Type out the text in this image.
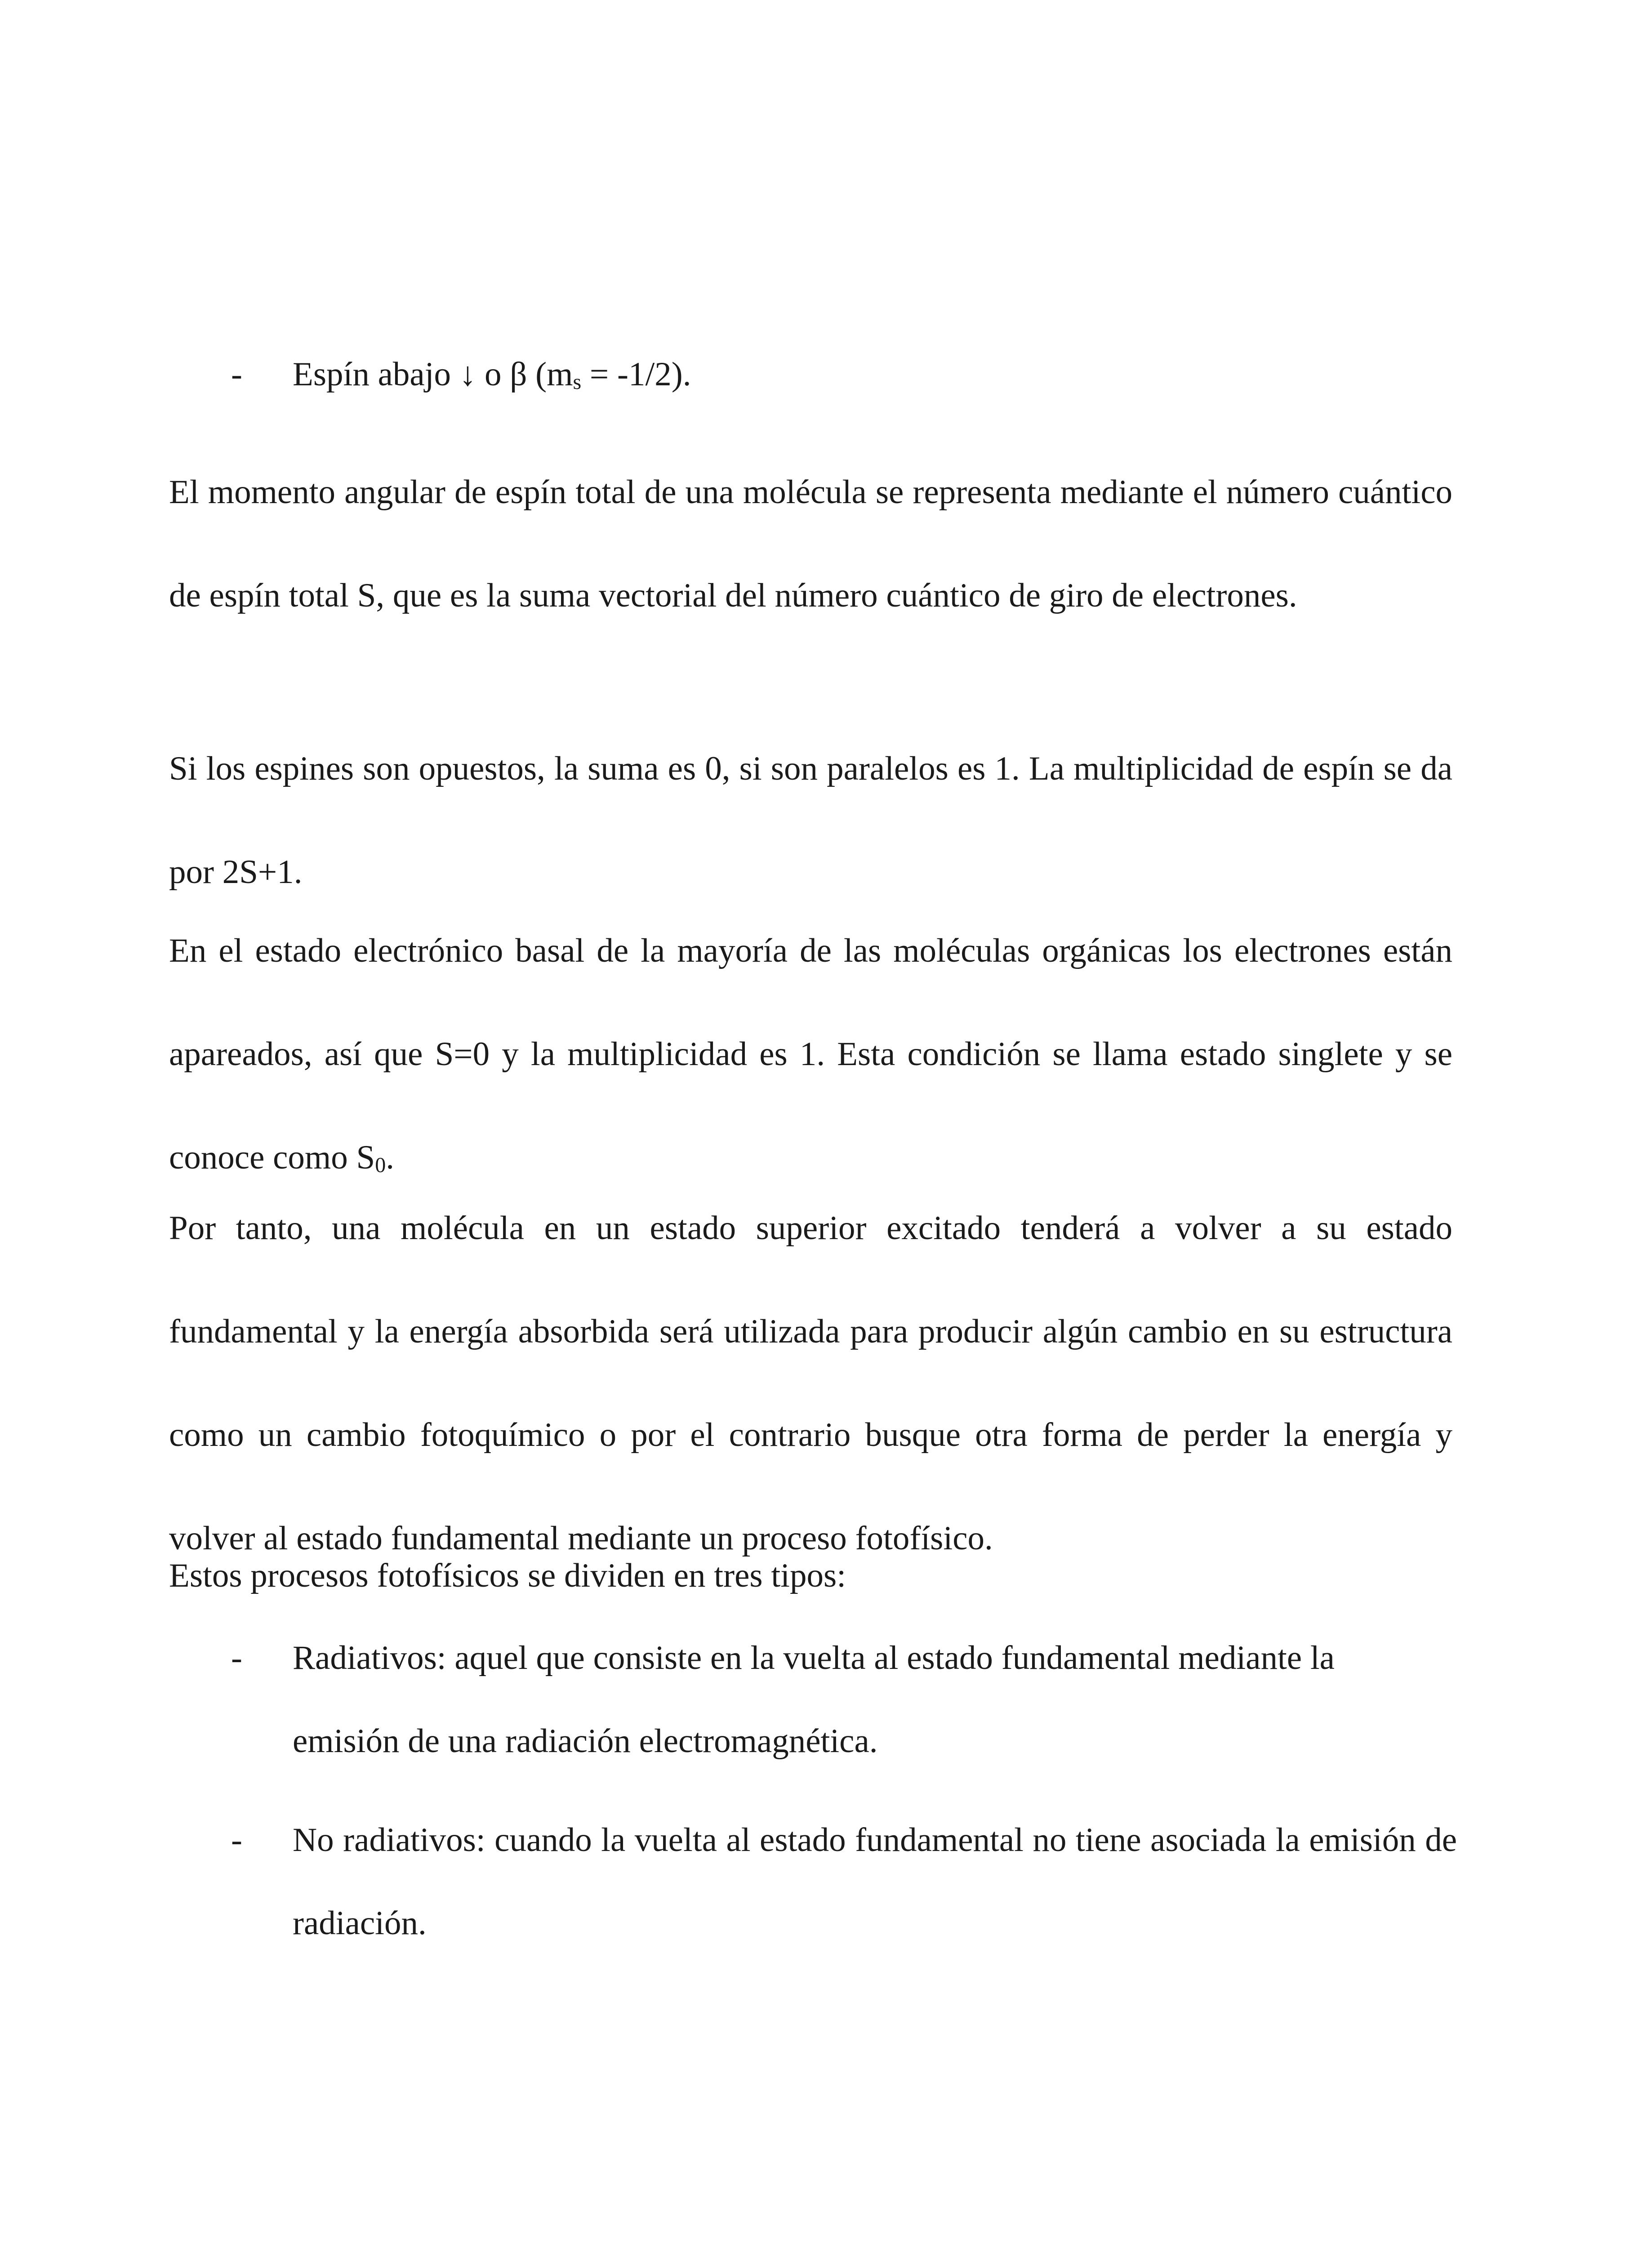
- Espín abajo ↓ o β $(m_s = -1/2)$.

El momento angular de espín total de una molécula se representa mediante el número cuántico de espín total S, que es la suma vectorial del número cuántico de giro de electrones.

Si los espines son opuestos, la suma es 0, si son paralelos es 1. La multiplicidad de espín se da por 2S+1.

En el estado electrónico basal de la mayoría de las moléculas orgánicas los electrones están apareados, así que S=0 y la multiplicidad es 1. Esta condición se llama estado singlete y se conoce como $S_0$.

Por tanto, una molécula en un estado superior excitado tenderá a volver a su estado fundamental y la energía absorbida será utilizada para producir algún cambio en su estructura como un cambio fotoquímico o por el contrario busque otra forma de perder la energía y volver al estado fundamental mediante un proceso fotofísico.

Estos procesos fotofísicos se dividen en tres tipos:

- Radiativos: aquel que consiste en la vuelta al estado fundamental mediante la emisión de una radiación electromagnética.
- No radiativos: cuando la vuelta al estado fundamental no tiene asociada la emisión de radiación.
